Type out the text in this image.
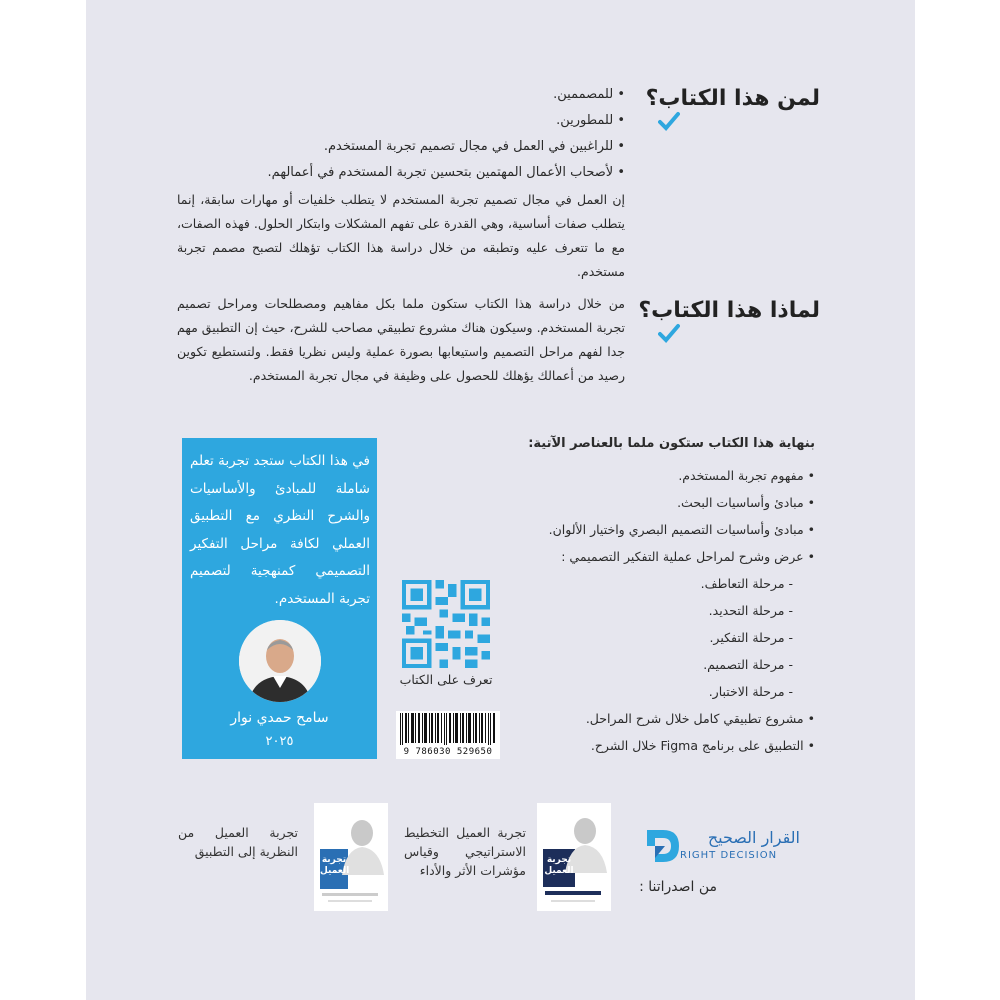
لمن هذا الكتاب؟
• للمصممين.
• للمطورين.
• للراغبين في العمل في مجال تصميم تجربة المستخدم.
• لأصحاب الأعمال المهتمين بتحسين تجربة المستخدم في أعمالهم.

إن العمل في مجال تصميم تجربة المستخدم لا يتطلب خلفيات أو مهارات سابقة، إنما يتطلب صفات أساسية، وهي القدرة على تفهم المشكلات وابتكار الحلول. فهذه الصفات، مع ما تتعرف عليه وتطبقه من خلال دراسة هذا الكتاب تؤهلك لتصبح مصمم تجربة مستخدم.

لماذا هذا الكتاب؟

من خلال دراسة هذا الكتاب ستكون ملما بكل مفاهيم ومصطلحات ومراحل تصميم تجربة المستخدم. وسيكون هناك مشروع تطبيقي مصاحب للشرح، حيث إن التطبيق مهم جدا لفهم مراحل التصميم واستيعابها بصورة عملية وليس نظريا فقط. ولتستطيع تكوين رصيد من أعمالك يؤهلك للحصول على وظيفة في مجال تجربة المستخدم.

في هذا الكتاب ستجد تجربة تعلم شاملة للمبادئ والأساسيات والشرح النظري مع التطبيق العملي لكافة مراحل التفكير التصميمي كمنهجية لتصميم تجربة المستخدم.

سامح حمدي نوار
٢٠٢٥
تعرف على الكتاب
9 786030 529650
بنهاية هذا الكتاب ستكون ملما بالعناصر الآتية:
• مفهوم تجربة المستخدم.
• مبادئ وأساسيات البحث.
• مبادئ وأساسيات التصميم البصري واختيار الألوان.
• عرض وشرح لمراحل عملية التفكير التصميمي :
- مرحلة التعاطف.
- مرحلة التحديد.
- مرحلة التفكير.
- مرحلة التصميم.
- مرحلة الاختبار.
• مشروع تطبيقي كامل خلال شرح المراحل.
• التطبيق على برنامج Figma خلال الشرح.
تجربة العميل من النظرية إلى التطبيق
تجربة العميل
تجربة العميل التخطيط الاستراتيجي وقياس مؤشرات الأثر والأداء
تجربة العميل
القرار الصحيح
RIGHT DECISION
من اصدراتنا :
